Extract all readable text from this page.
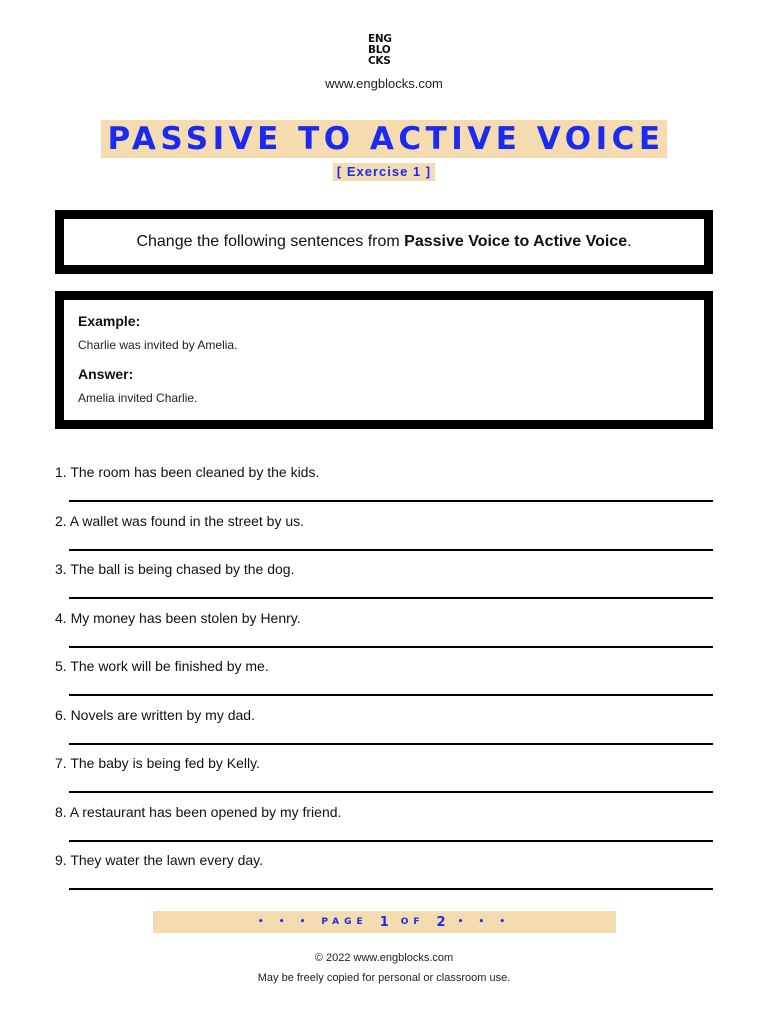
ENG
BLO
CKS
www.engblocks.com
PASSIVE TO ACTIVE VOICE
[ Exercise 1 ]
Change the following sentences from Passive Voice to Active Voice.

Example:

Charlie was invited by Amelia.

Answer:

Amelia invited Charlie.

1. The room has been cleaned by the kids.

2. A wallet was found in the street by us.

3. The ball is being chased by the dog.

4. My money has been stolen by Henry.

5. The work will be finished by me.

6. Novels are written by my dad.

7. The baby is being fed by Kelly.

8. A restaurant has been opened by my friend.

9. They water the lawn every day.

• • • PAGE 1 OF 2 • • •
© 2022 www.engblocks.com
May be freely copied for personal or classroom use.
